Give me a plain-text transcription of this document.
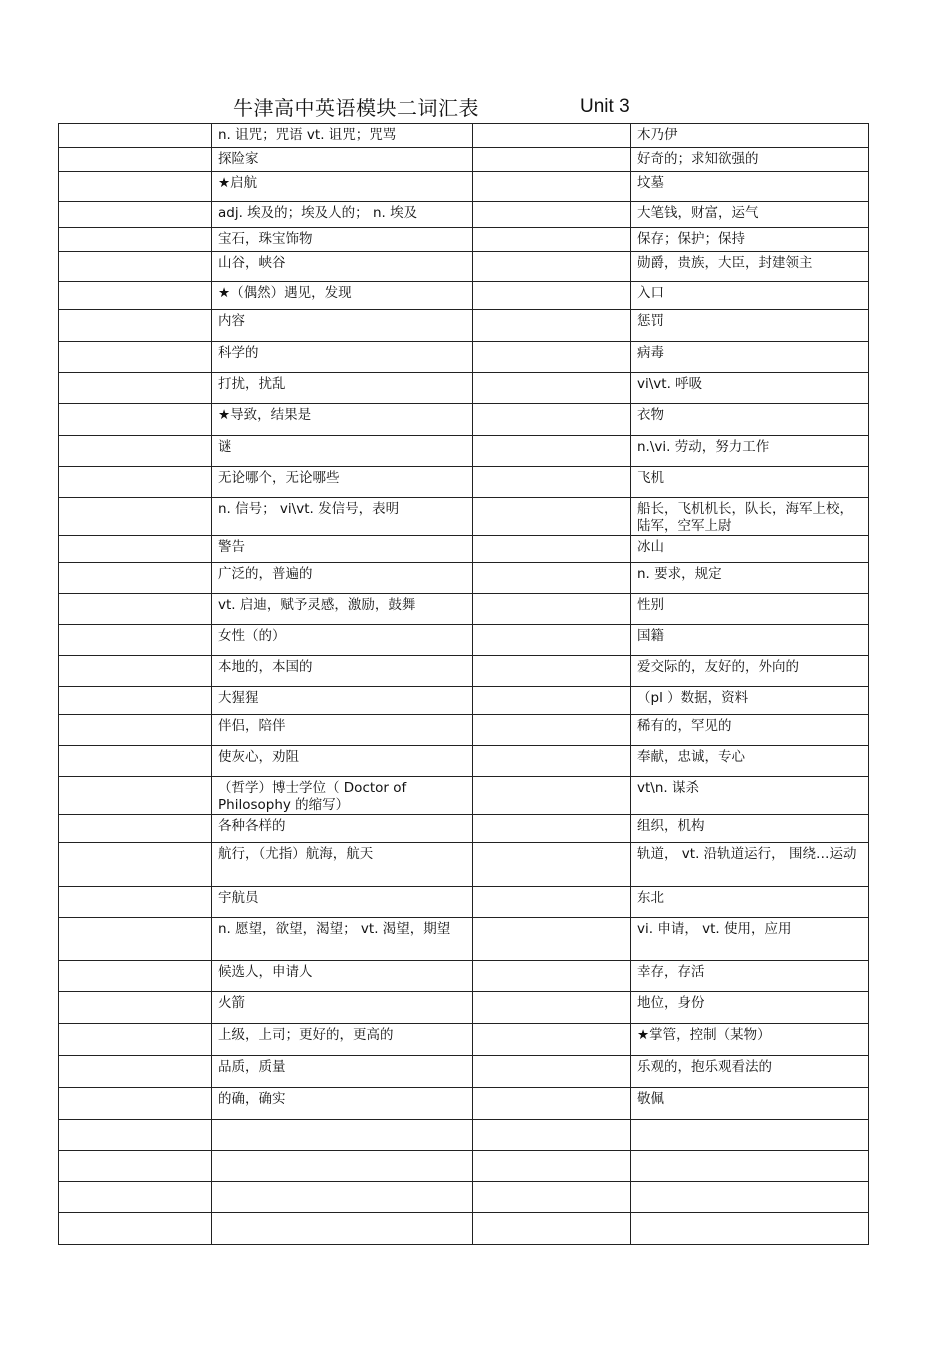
牛津高中英语模块二词汇表	Unit 3
	n. 诅咒；咒语 vt. 诅咒；咒骂		木乃伊
	探险家		好奇的；求知欲强的
	★启航		坟墓
	adj. 埃及的；埃及人的； n. 埃及		大笔钱，财富，运气
	宝石，珠宝饰物		保存；保护；保持
	山谷，峡谷		勋爵，贵族，大臣，封建领主
	★（偶然）遇见，发现		入口
	内容		惩罚
	科学的		病毒
	打扰，扰乱		vi\vt. 呼吸
	★导致，结果是		衣物
	谜		n.\vi. 劳动，努力工作
	无论哪个，无论哪些		飞机
	n. 信号； vi\vt. 发信号，表明		船长，飞机机长，队长，海军上校，陆军，空军上尉
	警告		冰山
	广泛的，普遍的		n. 要求，规定
	vt. 启迪，赋予灵感，激励，鼓舞		性别
	女性（的）		国籍
	本地的，本国的		爱交际的，友好的，外向的
	大猩猩		（pl ）数据，资料
	伴侣，陪伴		稀有的，罕见的
	使灰心，劝阻		奉献，忠诚，专心
	（哲学）博士学位（ Doctor of Philosophy 的缩写）		vt\n. 谋杀
	各种各样的		组织，机构
	航行，（尤指）航海，航天		轨道， vt. 沿轨道运行， 围绕…运动
	宇航员		东北
	n. 愿望，欲望，渴望； vt. 渴望，期望		vi. 申请， vt. 使用，应用
	候选人，申请人		幸存，存活
	火箭		地位，身份
	上级，上司；更好的，更高的		★掌管，控制（某物）
	品质，质量		乐观的，抱乐观看法的
	的确，确实		敬佩
